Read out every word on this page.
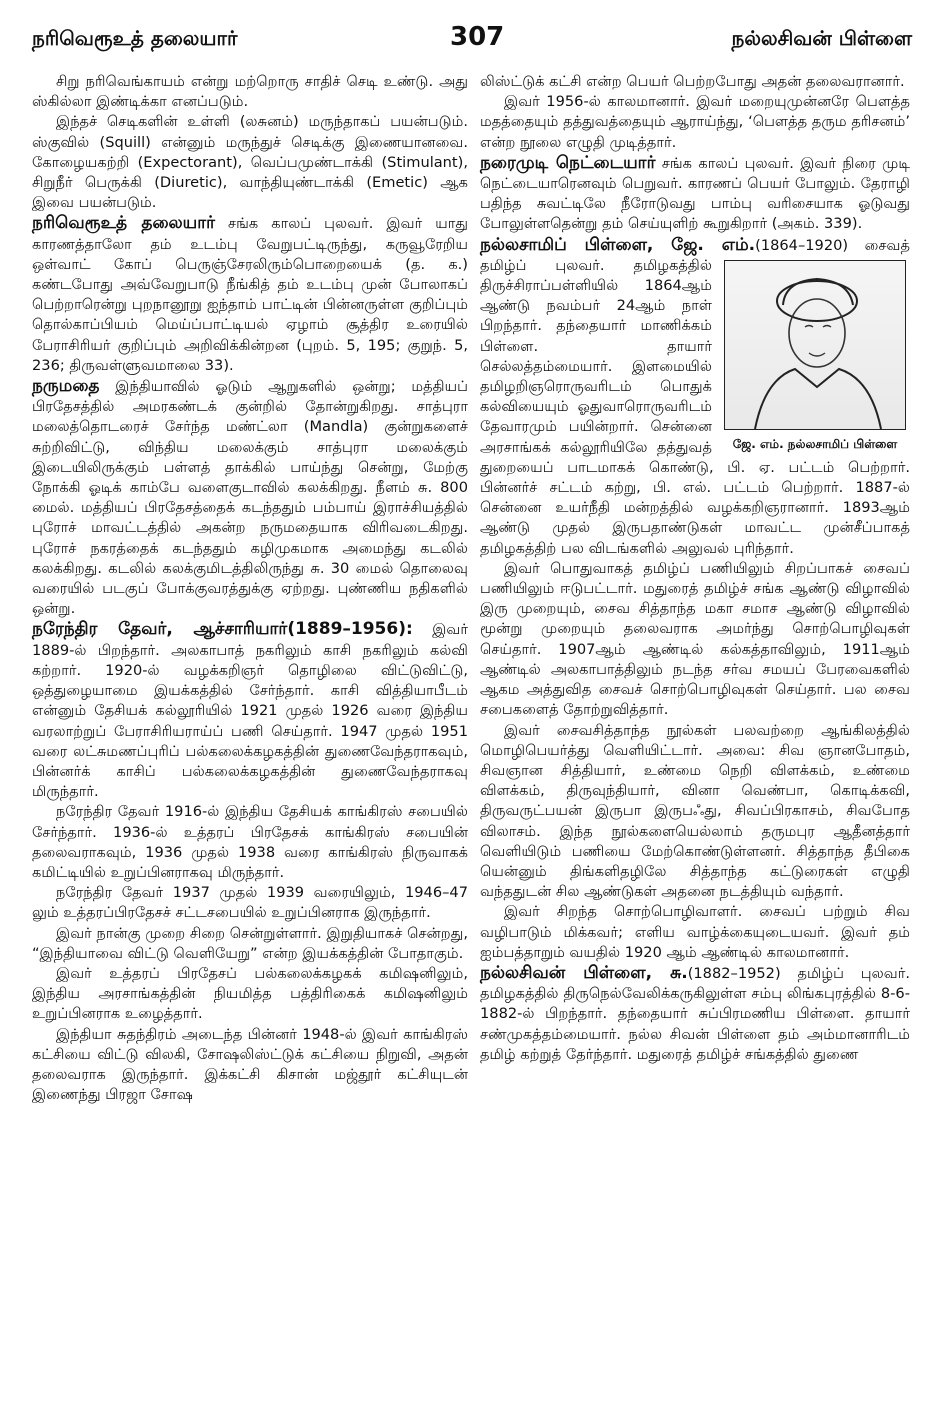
நரிவெரூஉத் தலையார்	307	நல்லசிவன் பிள்ளை

சிறு நரிவெங்காயம் என்று மற்றொரு சாதிச் செடி உண்டு. அது ஸ்கில்லா இண்டிக்கா எனப்படும்.

இந்தச் செடிகளின் உள்ளி (லசுனம்) மருந்தாகப் பயன்படும். ஸ்குவில் (Squill) என்னும் மருந்துச் செடிக்கு இணையானவை. கோழையகற்றி (Expectorant), வெப்பமுண்டாக்கி (Stimulant), சிறுநீர் பெருக்கி (Diuretic), வாந்தியுண்டாக்கி (Emetic) ஆக இவை பயன்படும்.

நரிவெரூஉத் தலையார் சங்க காலப் புலவர். இவர் யாது காரணத்தாலோ தம் உடம்பு வேறுபட்டிருந்து, கருவூரேறிய ஒள்வாட் கோப் பெருஞ்சேரலிரும்பொறையைக் (த. க.) கண்டபோது அவ்வேறுபாடு நீங்கித் தம் உடம்பு முன் போலாகப் பெற்றாரென்று புறநானூறு ஐந்தாம் பாட்டின் பின்னருள்ள குறிப்பும் தொல்காப்பியம் மெய்ப்பாட்டியல் ஏழாம் சூத்திர உரையில் பேராசிரியர் குறிப்பும் அறிவிக்கின்றன (புறம். 5, 195; குறுந். 5, 236; திருவள்ளுவமாலை 33).

நருமதை இந்தியாவில் ஓடும் ஆறுகளில் ஒன்று; மத்தியப் பிரதேசத்தில் அமரகண்டக் குன்றில் தோன்றுகிறது. சாத்புரா மலைத்தொடரைச் சேர்ந்த மண்ட்லா (Mandla) குன்றுகளைச் சுற்றிவிட்டு, விந்திய மலைக்கும் சாத்புரா மலைக்கும் இடையிலிருக்கும் பள்ளத் தாக்கில் பாய்ந்து சென்று, மேற்கு நோக்கி ஓடிக் காம்பே வளைகுடாவில் கலக்கிறது. நீளம் சு. 800 மைல். மத்தியப் பிரதேசத்தைக் கடந்ததும் பம்பாய் இராச்சியத்தில் புரோச் மாவட்டத்தில் அகன்ற நருமதையாக விரிவடைகிறது. புரோச் நகரத்தைக் கடந்ததும் கழிமுகமாக அமைந்து கடலில் கலக்கிறது. கடலில் கலக்குமிடத்திலிருந்து சு. 30 மைல் தொலைவு வரையில் படகுப் போக்குவரத்துக்கு ஏற்றது. புண்ணிய நதிகளில் ஒன்று.

நரேந்திர தேவர், ஆச்சாரியார்(1889–1956): இவர் 1889-ல் பிறந்தார். அலகாபாத் நகரிலும் காசி நகரிலும் கல்வி கற்றார். 1920-ல் வழக்கறிஞர் தொழிலை விட்டுவிட்டு, ஒத்துழையாமை இயக்கத்தில் சேர்ந்தார். காசி வித்தியாபீடம் என்னும் தேசியக் கல்லூரியில் 1921 முதல் 1926 வரை இந்திய வரலாற்றுப் பேராசிரியராய்ப் பணி செய்தார். 1947 முதல் 1951 வரை லட்சுமணப்புரிப் பல்கலைக்கழகத்தின் துணைவேந்தராகவும், பின்னர்க் காசிப் பல்கலைக்கழகத்தின் துணைவேந்தராகவு மிருந்தார்.

நரேந்திர தேவர் 1916-ல் இந்திய தேசியக் காங்கிரஸ் சபையில் சேர்ந்தார். 1936-ல் உத்தரப் பிரதேசக் காங்கிரஸ் சபையின் தலைவராகவும், 1936 முதல் 1938 வரை காங்கிரஸ் நிருவாகக் கமிட்டியில் உறுப்பினராகவு மிருந்தார்.

நரேந்திர தேவர் 1937 முதல் 1939 வரையிலும், 1946–47 லும் உத்தரப்பிரதேசச் சட்டசபையில் உறுப்பினராக இருந்தார்.

இவர் நான்கு முறை சிறை சென்றுள்ளார். இறுதியாகச் சென்றது, “இந்தியாவை விட்டு வெளியேறு” என்ற இயக்கத்தின் போதாகும்.

இவர் உத்தரப் பிரதேசப் பல்கலைக்கழகக் கமிஷனிலும், இந்திய அரசாங்கத்தின் நியமித்த பத்திரிகைக் கமிஷனிலும் உறுப்பினராக உழைத்தார்.

இந்தியா சுதந்திரம் அடைந்த பின்னர் 1948-ல் இவர் காங்கிரஸ் கட்சியை விட்டு விலகி, சோஷலிஸ்ட்டுக் கட்சியை நிறுவி, அதன் தலைவராக இருந்தார். இக்கட்சி கிசான் மஜ்தூர் கட்சியுடன் இணைந்து பிரஜா சோஷ

லிஸ்ட்டுக் கட்சி என்ற பெயர் பெற்றபோது அதன் தலைவரானார்.

இவர் 1956-ல் காலமானார். இவர் மறையுமுன்னரே பௌத்த மதத்தையும் தத்துவத்தையும் ஆராய்ந்து, ‘பௌத்த தரும தரிசனம்’ என்ற நூலை எழுதி முடித்தார்.

நரைமுடி நெட்டையார் சங்க காலப் புலவர். இவர் நிரை முடி நெட்டையாரெனவும் பெறுவர். காரணப் பெயர் போலும். தேராழி பதிந்த சுவட்டிலே நீரோடுவது பாம்பு வரிசையாக ஓடுவது போலுள்ளதென்று தம் செய்யுளிற் கூறுகிறார் (அகம். 339).

நல்லசாமிப் பிள்ளை, ஜே. எம்.(1864–1920)
ஜே. எம். நல்லசாமிப் பிள்ளை
சைவத் தமிழ்ப் புலவர். தமிழகத்தில் திருச்சிராப்பள்ளியில் 1864ஆம் ஆண்டு நவம்பர் 24ஆம் நாள் பிறந்தார். தந்தையார் மாணிக்கம் பிள்ளை. தாயார் செல்லத்தம்மையார். இளமையில் தமிழறிஞரொருவரிடம் பொதுக் கல்வியையும் ஓதுவாரொருவரிடம் தேவாரமும் பயின்றார். சென்னை அரசாங்கக் கல்லூரியிலே தத்துவத் துறையைப் பாடமாகக் கொண்டு, பி. ஏ. பட்டம் பெற்றார். பின்னர்ச் சட்டம் கற்று, பி. எல். பட்டம் பெற்றார். 1887-ல் சென்னை உயர்நீதி மன்றத்தில் வழக்கறிஞரானார். 1893ஆம் ஆண்டு முதல் இருபதாண்டுகள் மாவட்ட முன்சீப்பாகத் தமிழகத்திற் பல விடங்களில் அலுவல் புரிந்தார்.

இவர் பொதுவாகத் தமிழ்ப் பணியிலும் சிறப்பாகச் சைவப் பணியிலும் ஈடுபட்டார். மதுரைத் தமிழ்ச் சங்க ஆண்டு விழாவில் இரு முறையும், சைவ சித்தாந்த மகா சமாச ஆண்டு விழாவில் மூன்று முறையும் தலைவராக அமர்ந்து சொற்பொழிவுகள் செய்தார். 1907ஆம் ஆண்டில் கல்கத்தாவிலும், 1911ஆம் ஆண்டில் அலகாபாத்திலும் நடந்த சர்வ சமயப் பேரவைகளில் ஆகம அத்துவித சைவச் சொற்பொழிவுகள் செய்தார். பல சைவ சபைகளைத் தோற்றுவித்தார்.

இவர் சைவசித்தாந்த நூல்கள் பலவற்றை ஆங்கிலத்தில் மொழிபெயர்த்து வெளியிட்டார். அவை: சிவ ஞானபோதம், சிவஞான சித்தியார், உண்மை நெறி விளக்கம், உண்மை விளக்கம், திருவுந்தியார், வினா வெண்பா, கொடிக்கவி, திருவருட்பயன் இருபா இருபஃது, சிவப்பிரகாசம், சிவபோத விலாசம். இந்த நூல்களையெல்லாம் தருமபுர ஆதீனத்தார் வெளியிடும் பணியை மேற்கொண்டுள்ளனர். சித்தாந்த தீபிகை யென்னும் திங்களிதழிலே சித்தாந்த கட்டுரைகள் எழுதி வந்ததுடன் சில ஆண்டுகள் அதனை நடத்தியும் வந்தார்.

இவர் சிறந்த சொற்பொழிவாளர். சைவப் பற்றும் சிவ வழிபாடும் மிக்கவர்; எளிய வாழ்க்கையுடையவர். இவர் தம் ஐம்பத்தாறும் வயதில் 1920 ஆம் ஆண்டில் காலமானார்.

நல்லசிவன் பிள்ளை, சு.(1882–1952) தமிழ்ப் புலவர். தமிழகத்தில் திருநெல்வேலிக்கருகிலுள்ள சம்பு லிங்கபுரத்தில் 8-6-1882-ல் பிறந்தார். தந்தையார் சுப்பிரமணிய பிள்ளை. தாயார் சண்முகத்தம்மையார். நல்ல சிவன் பிள்ளை தம் அம்மானாரிடம் தமிழ் கற்றுத் தேர்ந்தார். மதுரைத் தமிழ்ச் சங்கத்தில் துணை
